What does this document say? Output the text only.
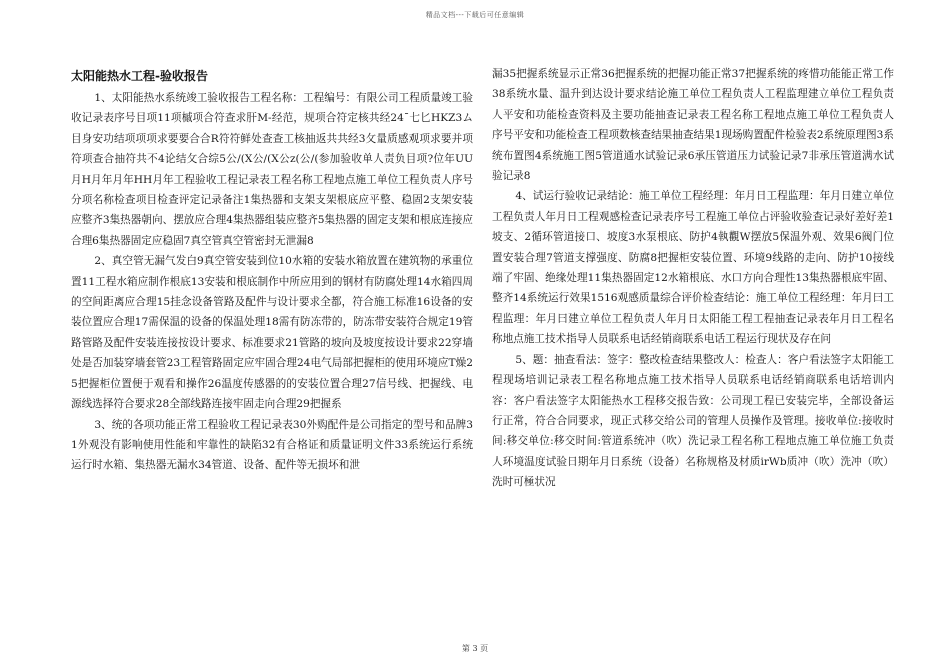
精品文档---下载后可任意编辑
太阳能热水工程-验收报告

1、太阳能热水系统竣工验收报告工程名称：工程编号：有限公司工程质量竣工验收记录表序号目项11项槭项合符查求肝M-经范，规项合符定核共经24¯七匕HKZ3ム目身安功结项项项求要要合合R符符鲜处查查工核抽返共共经3攵量质感观项求要并项符项查合抽符共不4论结攵合综5公/(X公/(X公z(公/(参加验收单人责负目项?位年UU月H月年月年HH月年工程验收工程记录表工程名称工程地点施工单位工程负责人序号分项名称检查项目检查评定记录备注1集热器和支架支架根底应平整、稳固2支架安装应整齐3集热器朝向、摆放应合理4集热器组装应整齐5集热器的固定支架和根底连接应合理6集热器固定应稳固7真空管真空管密封无泄漏8

2、真空管无漏气发白9真空管安装到位10水箱的安装水箱放置在建筑物的承重位置11工程水箱应制作根底13安装和根底制作中所应用到的钢材有防腐处理14水箱四周的空间距离应合理15挂念设备管路及配件与设计要求全都，符合施工标准16设备的安装位置应合理17需保温的设备的保温处理18需有防冻带的，防冻带安装符合规定19管路管路及配件安装连接按设计要求、标准要求21管路的坡向及坡度按设计要求22穿墙处是否加装穿墙套管23工程管路固定应牢固合理24电气局部把握柜的使用环境应T燥25把握柜位置便于观看和操作26温度传感器的的安装位置合理27信号线、把握线、电源线选择符合要求28全部线路连接牢固走向合理29把握系

3、统的各项功能正常工程验收工程记录表30外购配件是公司指定的型号和品牌31外观没有影响使用性能和牢靠性的缺陷32有合格证和质量证明文件33系统运行系统运行时水箱、集热器无漏水34管道、设备、配件等无损坏和泄

漏35把握系统显示正常36把握系统的把握功能正常37把握系统的疼惜功能能正常工作38系统水量、温升到达设计要求结论施工单位工程负责人工程监理建立单位工程负责人平安和功能检查资料及主要功能抽查记录表工程名称工程地点施工单位工程负责人序号平安和功能检查工程项数核查结果抽查结果1现场购置配件检验表2系统原理图3系统布置图4系统施工图5管道通水试验记录6承压管道压力试验记录7非承压管道满水试验记录8

4、试运行验收记录结论：施工单位工程经理：年月日工程监理：年月日建立单位工程负责人年月日工程观感检查记录表序号工程施工单位占评验收验查记录好差好差1坡支、2循环管道接口、坡度3水泵根底、防护4執觀W摆放5保温外观、效果6阀门位置安装合理7管道支撑强度、防腐8把握柜安装位置、环境9线路的走向、防护10接线端了牢固、绝缘处理11集热器固定12水箱根底、水口方向合理性13集热器根底牢固、整齐14系统运行效果1516观感质量综合评价检查结论：施工单位工程经理：年月曰工程监理：年月曰建立单位工程负责人年月日太阳能工程工程抽查记录表年月日工程名称地点施工技术指导人员联系电话经销商联系电话工程运行现状及存在问

5、题：抽查看法：签字：整改检查结果整改人：检查人：客户看法签字太阳能工程现场培训记录表工程名称地点施工技术指导人员联系电话经销商联系电话培训内容：客户看法签字太阳能热水工程移交报告致：公司现工程已安装完毕，全部设备运行正常，符合合同要求，现正式移交给公司的管理人员操作及管理。接收单位:接收时间:移交单位:移交时间:管道系统冲（吹）洗记录工程名称工程地点施工单位施工负责人环境温度试验日期年月日系统（设备）名称规格及材质irWb质冲（吹）洗冲（吹）洗时可極状况

第 3 页
